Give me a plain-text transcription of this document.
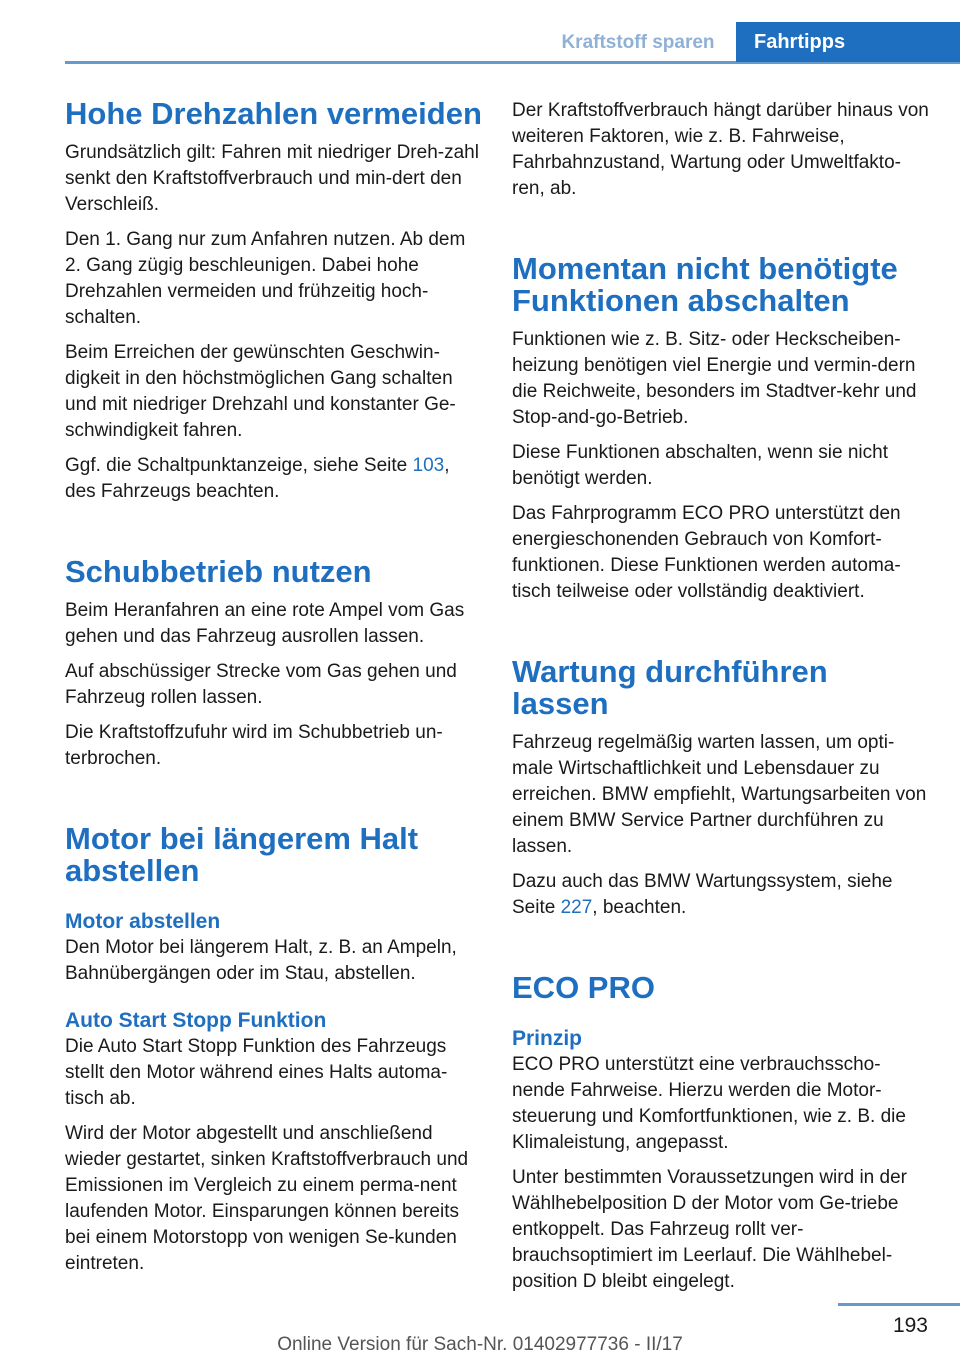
Kraftstoff sparen	Fahrtipps
Hohe Drehzahlen vermeiden

Grundsätzlich gilt: Fahren mit niedriger Dreh‐zahl senkt den Kraftstoffverbrauch und min‐dert den Verschleiß.

Den 1. Gang nur zum Anfahren nutzen. Ab dem 2. Gang zügig beschleunigen. Dabei hohe Drehzahlen vermeiden und frühzeitig hoch‐schalten.

Beim Erreichen der gewünschten Geschwin‐digkeit in den höchstmöglichen Gang schalten und mit niedriger Drehzahl und konstanter Ge‐schwindigkeit fahren.

Ggf. die Schaltpunktanzeige, siehe Seite 103, des Fahrzeugs beachten.

Schubbetrieb nutzen

Beim Heranfahren an eine rote Ampel vom Gas gehen und das Fahrzeug ausrollen lassen.

Auf abschüssiger Strecke vom Gas gehen und Fahrzeug rollen lassen.

Die Kraftstoffzufuhr wird im Schubbetrieb un‐terbrochen.

Motor bei längerem Halt abstellen
Motor abstellen

Den Motor bei längerem Halt, z. B. an Ampeln, Bahnübergängen oder im Stau, abstellen.

Auto Start Stopp Funktion

Die Auto Start Stopp Funktion des Fahrzeugs stellt den Motor während eines Halts automa‐tisch ab.

Wird der Motor abgestellt und anschließend wieder gestartet, sinken Kraftstoffverbrauch und Emissionen im Vergleich zu einem perma‐nent laufenden Motor. Einsparungen können bereits bei einem Motorstopp von wenigen Se‐kunden eintreten.

Der Kraftstoffverbrauch hängt darüber hinaus von weiteren Faktoren, wie z. B. Fahrweise, Fahrbahnzustand, Wartung oder Umweltfakto‐ren, ab.

Momentan nicht benötigte Funktionen abschalten

Funktionen wie z. B. Sitz- oder Heckscheiben‐heizung benötigen viel Energie und vermin‐dern die Reichweite, besonders im Stadtver‐kehr und Stop-and-go-Betrieb.

Diese Funktionen abschalten, wenn sie nicht benötigt werden.

Das Fahrprogramm ECO PRO unterstützt den energieschonenden Gebrauch von Komfort‐funktionen. Diese Funktionen werden automa‐tisch teilweise oder vollständig deaktiviert.

Wartung durchführen lassen

Fahrzeug regelmäßig warten lassen, um opti‐male Wirtschaftlichkeit und Lebensdauer zu erreichen. BMW empfiehlt, Wartungsarbeiten von einem BMW Service Partner durchführen zu lassen.

Dazu auch das BMW Wartungssystem, siehe Seite 227, beachten.

ECO PRO
Prinzip

ECO PRO unterstützt eine verbrauchsscho‐nende Fahrweise. Hierzu werden die Motor‐steuerung und Komfortfunktionen, wie z. B. die Klimaleistung, angepasst.

Unter bestimmten Voraussetzungen wird in der Wählhebelposition D der Motor vom Ge‐triebe entkoppelt. Das Fahrzeug rollt ver‐brauchsoptimiert im Leerlauf. Die Wählhebel‐position D bleibt eingelegt.

193
Online Version für Sach-Nr. 01402977736 - II/17
